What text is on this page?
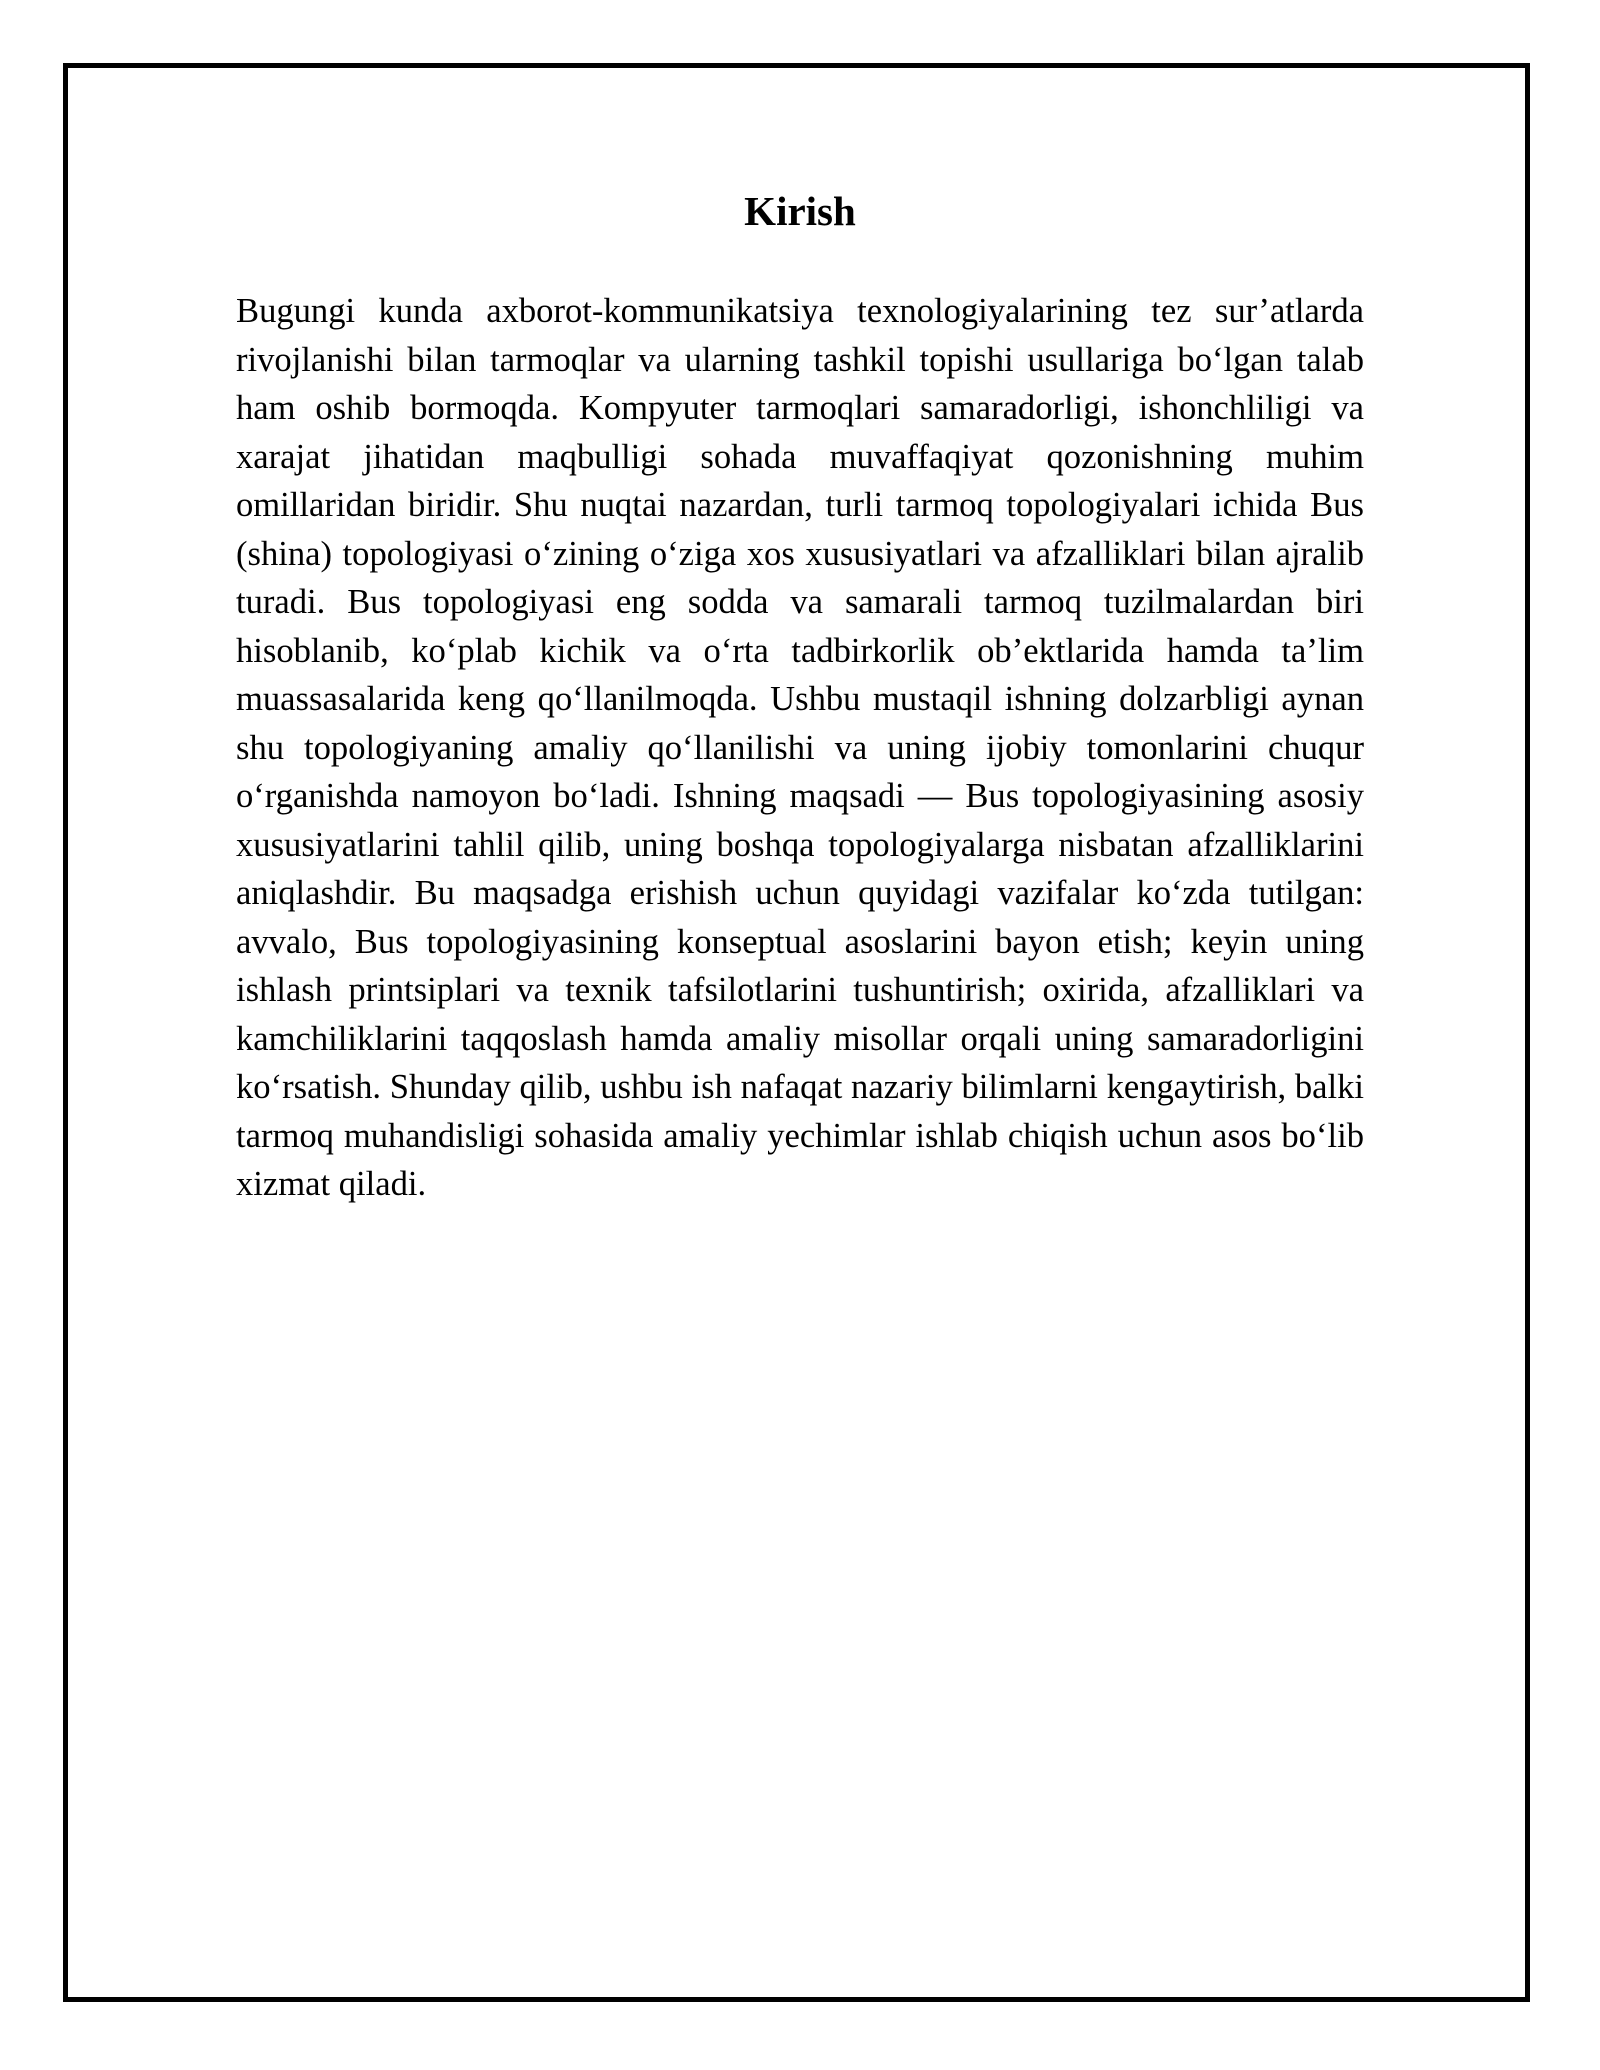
Kirish

Bugungi kunda axborot-kommunikatsiya texnologiyalarining tez sur’atlarda rivojlanishi bilan tarmoqlar va ularning tashkil topishi usullariga bo‘lgan talab ham oshib bormoqda. Kompyuter tarmoqlari samaradorligi, ishonchliligi va xarajat jihatidan maqbulligi sohada muvaffaqiyat qozonishning muhim omillaridan biridir. Shu nuqtai nazardan, turli tarmoq topologiyalari ichida Bus (shina) topologiyasi o‘zining o‘ziga xos xususiyatlari va afzalliklari bilan ajralib turadi. Bus topologiyasi eng sodda va samarali tarmoq tuzilmalardan biri hisoblanib, ko‘plab kichik va o‘rta tadbirkorlik ob’ektlarida hamda ta’lim muassasalarida keng qo‘llanilmoqda. Ushbu mustaqil ishning dolzarbligi aynan shu topologiyaning amaliy qo‘llanilishi va uning ijobiy tomonlarini chuqur o‘rganishda namoyon bo‘ladi. Ishning maqsadi — Bus topologiyasining asosiy xususiyatlarini tahlil qilib, uning boshqa topologiyalarga nisbatan afzalliklarini aniqlashdir. Bu maqsadga erishish uchun quyidagi vazifalar ko‘zda tutilgan: avvalo, Bus topologiyasining konseptual asoslarini bayon etish; keyin uning ishlash printsiplari va texnik tafsilotlarini tushuntirish; oxirida, afzalliklari va kamchiliklarini taqqoslash hamda amaliy misollar orqali uning samaradorligini ko‘rsatish. Shunday qilib, ushbu ish nafaqat nazariy bilimlarni kengaytirish, balki tarmoq muhandisligi sohasida amaliy yechimlar ishlab chiqish uchun asos bo‘lib xizmat qiladi.
